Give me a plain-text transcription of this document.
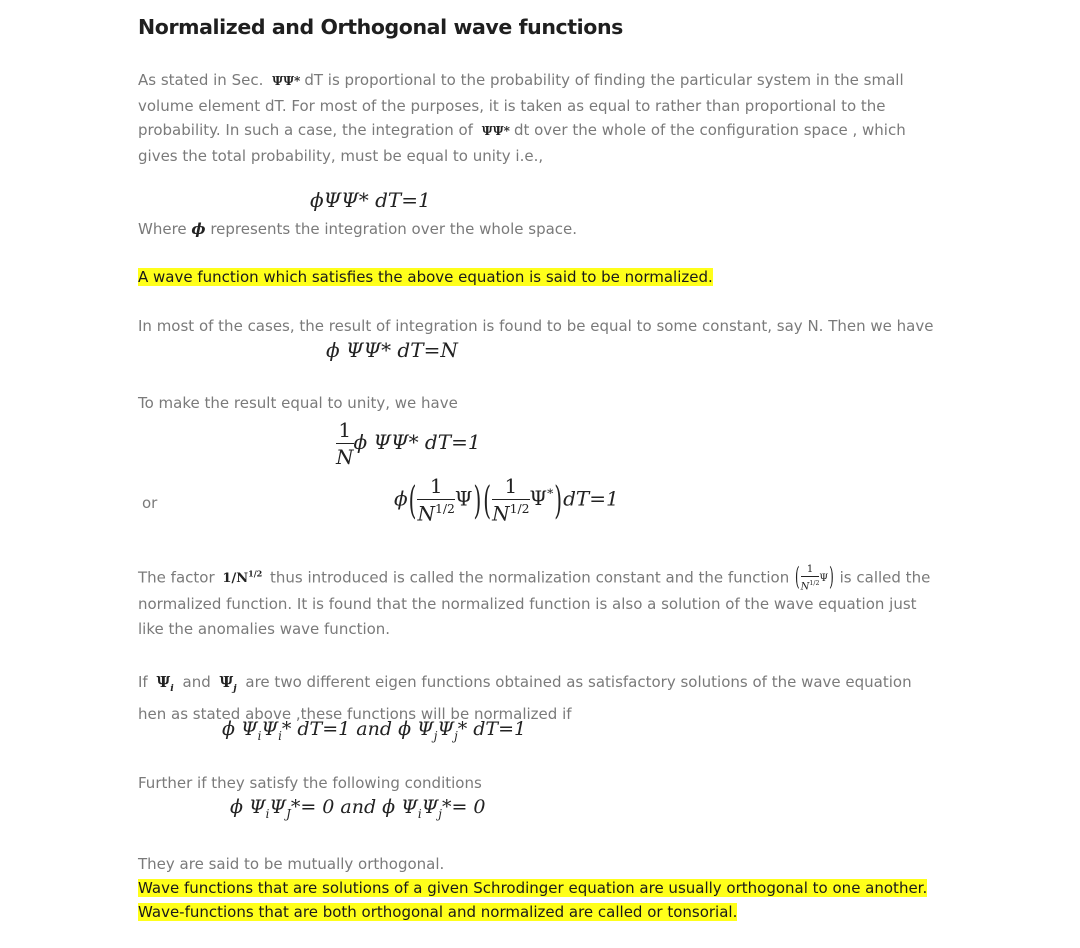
Normalized and Orthogonal wave functions

As stated in Sec. ΨΨ* dT is proportional to the probability of finding the particular system in the small volume element dT. For most of the purposes, it is taken as equal to rather than proportional to the probability. In such a case, the integration of ΨΨ* dt over the whole of the configuration space , which gives the total probability, must be equal to unity i.e.,

ϕΨΨ* dT=1

Where ϕ represents the integration over the whole space.

A wave function which satisfies the above equation is said to be normalized.

In most of the cases, the result of integration is found to be equal to some constant, say N. Then we have

ϕ ΨΨ* dT=N

To make the result equal to unity, we have

$\frac{1}{N}$ ϕ ΨΨ* dT=1
or	$\phi( \frac{1}{N^{1/2}} \Psi)$ ( $\frac{1}{N^{1/2}} \Psi^*)dT=1$

The factor $1/N^{1/2}$ thus introduced is called the normalization constant and the function ( $\frac{1}{N^{1/2}} \Psi$) is called the normalized function. It is found that the normalized function is also a solution of the wave equation just like the anomalies wave function.

If $\Psi_i$ and $\Psi_j$ are two different eigen functions obtained as satisfactory solutions of the wave equation hen as stated above ,these functions will be normalized if

ϕ $\Psi_i\Psi_i*$ dT=1 and ϕ $\Psi_j\Psi_j*$ dT=1

Further if they satisfy the following conditions

ϕ $\Psi_i\Psi_J*= 0$ and ϕ $\Psi_i\Psi_j*= 0$

They are said to be mutually orthogonal.

Wave functions that are solutions of a given Schrodinger equation are usually orthogonal to one another.

Wave-functions that are both orthogonal and normalized are called or tonsorial.
